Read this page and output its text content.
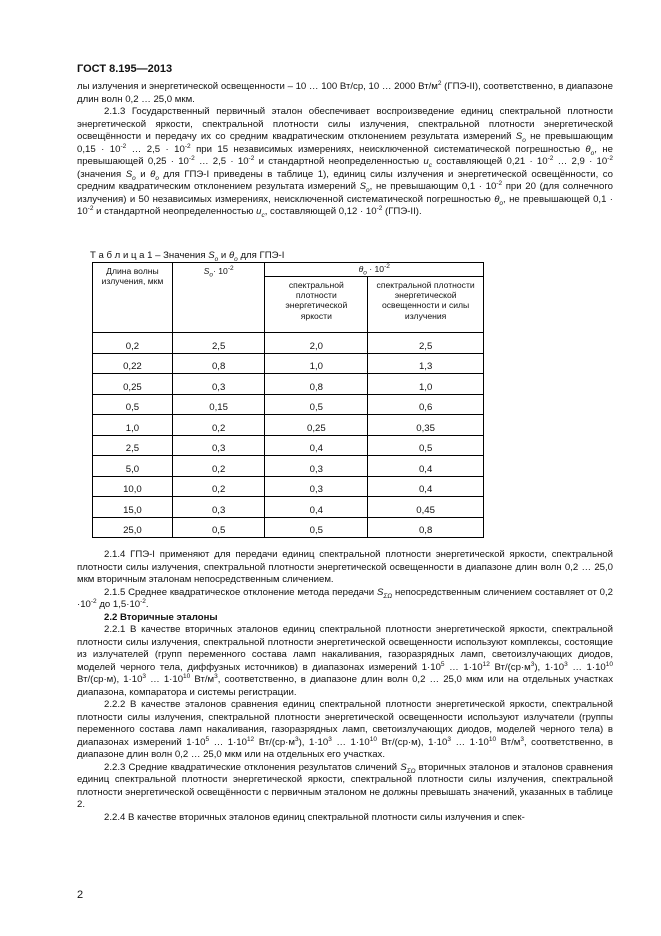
ГОСТ 8.195—2013

лы излучения и энергетической освещенности – 10 … 100 Вт/ср, 10 … 2000 $Вт/м^2$ (ГПЭ-II), соответственно, в диапазоне длин волн 0,2 … 25,0 мкм.

2.1.3 Государственный первичный эталон обеспечивает воспроизведение единиц спектральной плотности энергетической яркости, спектральной плотности силы излучения, спектральной плотности энергетической освещённости и передачу их со средним квадратическим отклонением результата измерений $S_o$ не превышающим $0,15 \cdot 10^{-2}$ … $2,5 \cdot 10^{-2}$ при 15 независимых измерениях, неисключенной систематической погрешностью $\theta_o$, не превышающей $0,25 \cdot 10^{-2}$ … $2,5 \cdot 10^{-2}$ и стандартной неопределенностью $u_c$ составляющей $0,21 \cdot 10^{-2}$ … $2,9 \cdot 10^{-2}$ (значения $S_o$ и $\theta_o$ для ГПЭ-I приведены в таблице 1), единиц силы излучения и энергетической освещённости, со средним квадратическим отклонением результата измерений $S_o$, не превышающим $0,1 \cdot 10^{-2}$ при 20 (для солнечного излучения) и 50 независимых измерениях, неисключенной систематической погрешностью $\theta_o$, не превышающей $0,1 \cdot 10^{-2}$ и стандартной неопределенностью $u_c$, составляющей $0,12 \cdot 10^{-2}$ (ГПЭ-II).

Т а б л и ц а 1 – Значения $S_o$ и $\theta_o$ для ГПЭ-I
Длина волны излучения, мкм	$S_o\cdot 10^{-2}$	$\theta_o \cdot 10^{-2}$
		спектральной плотности энергетической яркости	спектральной плотности энергетической освещенности и силы излучения
0,2	2,5	2,0	2,5
0,22	0,8	1,0	1,3
0,25	0,3	0,8	1,0
0,5	0,15	0,5	0,6
1,0	0,2	0,25	0,35
2,5	0,3	0,4	0,5
5,0	0,2	0,3	0,4
10,0	0,2	0,3	0,4
15,0	0,3	0,4	0,45
25,0	0,5	0,5	0,8

2.1.4 ГПЭ-I применяют для передачи единиц спектральной плотности энергетической яркости, спектральной плотности силы излучения, спектральной плотности энергетической освещенности в диапазоне длин волн 0,2 … 25,0 мкм вторичным эталонам непосредственным сличением.

2.1.5 Среднее квадратическое отклонение метода передачи $S_{\Sigma\Omega}$ непосредственным сличением составляет от $0,2 \cdot 10^{-2}$ до $1,5\cdot 10^{-2}$.

2.2 Вторичные эталоны

2.2.1 В качестве вторичных эталонов единиц спектральной плотности энергетической яркости, спектральной плотности силы излучения, спектральной плотности энергетической освещенности используют комплексы, состоящие из излучателей (групп переменного состава ламп накаливания, газоразрядных ламп, светоизлучающих диодов, моделей черного тела, диффузных источников) в диапазонах измерений $1\cdot 10^5$ … $1\cdot 10^{12}$ $Вт/(ср\cdot м^3)$, $1\cdot 10^3$ … $1\cdot 10^{10}$ Вт/(ср·м), $1\cdot 10^3$ … $1\cdot 10^{10}$ $Вт/м^3$, соответственно, в диапазоне длин волн 0,2 … 25,0 мкм или на отдельных участках диапазона, компаратора и системы регистрации.

2.2.2 В качестве эталонов сравнения единиц спектральной плотности энергетической яркости, спектральной плотности силы излучения, спектральной плотности энергетической освещенности используют излучатели (группы переменного состава ламп накаливания, газоразрядных ламп, светоизлучающих диодов, моделей черного тела) в диапазонах измерений $1\cdot 10^5$ … $1\cdot 10^{12}$ $Вт/(ср\cdot м^3)$, $1\cdot 10^3$ … $1\cdot 10^{10}$ Вт/(ср·м), $1\cdot 10^3$ … $1\cdot 10^{10}$ $Вт/м^3$, соответственно, в диапазоне длин волн 0,2 … 25,0 мкм или на отдельных его участках.

2.2.3 Средние квадратические отклонения результатов сличений $S_{\Sigma\Omega}$ вторичных эталонов и эталонов сравнения единиц спектральной плотности энергетической яркости, спектральной плотности силы излучения, спектральной плотности энергетической освещённости с первичным эталоном не должны превышать значений, указанных в таблице 2.

2.2.4 В качестве вторичных эталонов единиц спектральной плотности силы излучения и спек-

2
